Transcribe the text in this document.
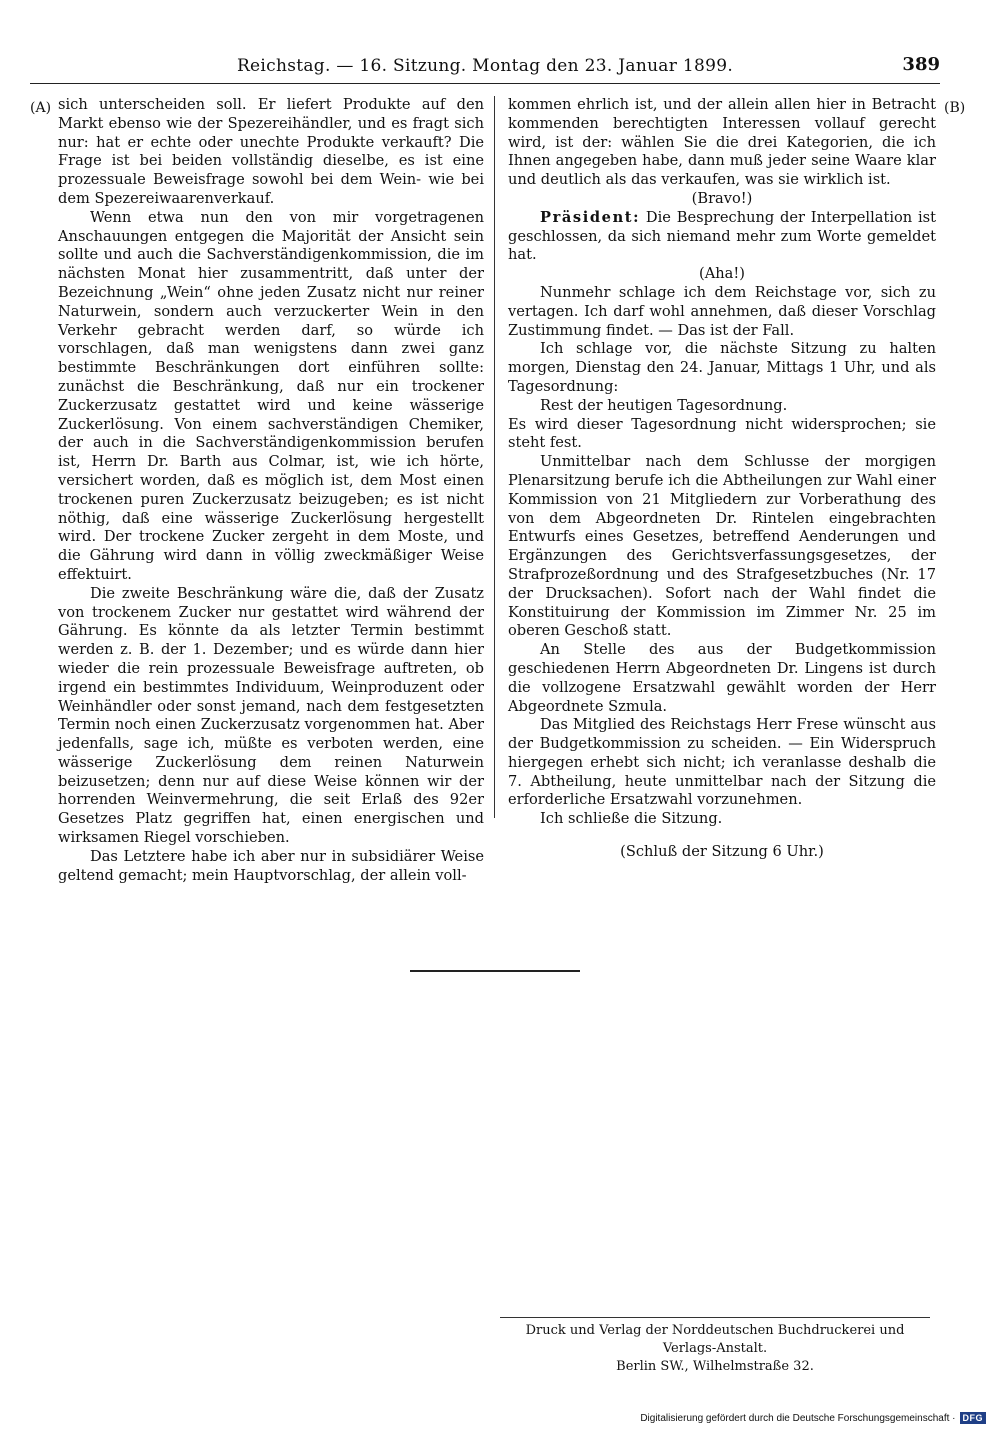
Reichstag. — 16. Sitzung. Montag den 23. Januar 1899.	389
(A)	(B)

sich unterscheiden soll. Er liefert Produkte auf den Markt ebenso wie der Spezereihändler, und es fragt sich nur: hat er echte oder unechte Produkte verkauft? Die Frage ist bei beiden vollständig dieselbe, es ist eine prozessuale Beweisfrage sowohl bei dem Wein- wie bei dem Spezereiwaarenverkauf.

Wenn etwa nun den von mir vorgetragenen Anschauungen entgegen die Majorität der Ansicht sein sollte und auch die Sachverständigenkommission, die im nächsten Monat hier zusammentritt, daß unter der Bezeichnung „Wein“ ohne jeden Zusatz nicht nur reiner Naturwein, sondern auch verzuckerter Wein in den Verkehr gebracht werden darf, so würde ich vorschlagen, daß man wenigstens dann zwei ganz bestimmte Beschränkungen dort einführen sollte: zunächst die Beschränkung, daß nur ein trockener Zuckerzusatz gestattet wird und keine wässerige Zuckerlösung. Von einem sachverständigen Chemiker, der auch in die Sachverständigenkommission berufen ist, Herrn Dr. Barth aus Colmar, ist, wie ich hörte, versichert worden, daß es möglich ist, dem Most einen trockenen puren Zuckerzusatz beizugeben; es ist nicht nöthig, daß eine wässerige Zuckerlösung hergestellt wird. Der trockene Zucker zergeht in dem Moste, und die Gährung wird dann in völlig zweckmäßiger Weise effektuirt.

Die zweite Beschränkung wäre die, daß der Zusatz von trockenem Zucker nur gestattet wird während der Gährung. Es könnte da als letzter Termin bestimmt werden z. B. der 1. Dezember; und es würde dann hier wieder die rein prozessuale Beweisfrage auftreten, ob irgend ein bestimmtes Individuum, Weinproduzent oder Weinhändler oder sonst jemand, nach dem festgesetzten Termin noch einen Zuckerzusatz vorgenommen hat. Aber jedenfalls, sage ich, müßte es verboten werden, eine wässerige Zuckerlösung dem reinen Naturwein beizusetzen; denn nur auf diese Weise können wir der horrenden Weinvermehrung, die seit Erlaß des 92er Gesetzes Platz gegriffen hat, einen energischen und wirksamen Riegel vorschieben.

Das Letztere habe ich aber nur in subsidiärer Weise geltend gemacht; mein Hauptvorschlag, der allein voll-

kommen ehrlich ist, und der allein allen hier in Betracht kommenden berechtigten Interessen vollauf gerecht wird, ist der: wählen Sie die drei Kategorien, die ich Ihnen angegeben habe, dann muß jeder seine Waare klar und deutlich als das verkaufen, was sie wirklich ist.

(Bravo!)

Präsident: Die Besprechung der Interpellation ist geschlossen, da sich niemand mehr zum Worte gemeldet hat.

(Aha!)

Nunmehr schlage ich dem Reichstage vor, sich zu vertagen. Ich darf wohl annehmen, daß dieser Vorschlag Zustimmung findet. — Das ist der Fall.

Ich schlage vor, die nächste Sitzung zu halten morgen, Dienstag den 24. Januar, Mittags 1 Uhr, und als Tagesordnung:

Rest der heutigen Tagesordnung.

Es wird dieser Tagesordnung nicht widersprochen; sie steht fest.

Unmittelbar nach dem Schlusse der morgigen Plenarsitzung berufe ich die Abtheilungen zur Wahl einer Kommission von 21 Mitgliedern zur Vorberathung des von dem Abgeordneten Dr. Rintelen eingebrachten Entwurfs eines Gesetzes, betreffend Aenderungen und Ergänzungen des Gerichtsverfassungsgesetzes, der Strafprozeßordnung und des Strafgesetzbuches (Nr. 17 der Drucksachen). Sofort nach der Wahl findet die Konstituirung der Kommission im Zimmer Nr. 25 im oberen Geschoß statt.

An Stelle des aus der Budgetkommission geschiedenen Herrn Abgeordneten Dr. Lingens ist durch die vollzogene Ersatzwahl gewählt worden der Herr Abgeordnete Szmula.

Das Mitglied des Reichstags Herr Frese wünscht aus der Budgetkommission zu scheiden. — Ein Widerspruch hiergegen erhebt sich nicht; ich veranlasse deshalb die 7. Abtheilung, heute unmittelbar nach der Sitzung die erforderliche Ersatzwahl vorzunehmen.

Ich schließe die Sitzung.

(Schluß der Sitzung 6 Uhr.)

Druck und Verlag der Norddeutschen Buchdruckerei und Verlags-Anstalt.
Berlin SW., Wilhelmstraße 32.
Digitalisierung gefördert durch die Deutsche Forschungsgemeinschaft · DFG
